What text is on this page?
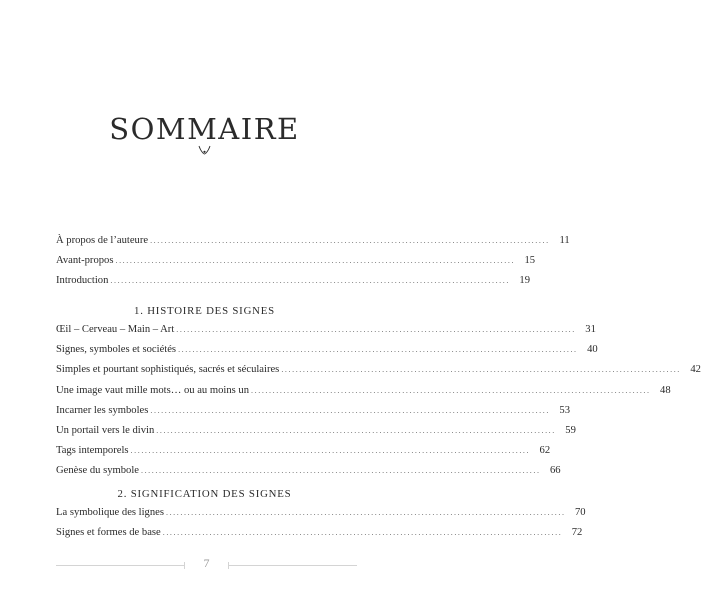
SOMMAIRE
À propos de l’auteure ............................................................................................................... 11
Avant-propos ............................................................................................................... 15
Introduction ............................................................................................................... 19
1. HISTOIRE DES SIGNES
Œil – Cerveau – Main – Art ............................................................................................................... 31
Signes, symboles et sociétés ............................................................................................................... 40
Simples et pourtant sophistiqués, sacrés et séculaires ............................................................................................................... 42
Une image vaut mille mots… ou au moins un ............................................................................................................... 48
Incarner les symboles ............................................................................................................... 53
Un portail vers le divin ............................................................................................................... 59
Tags intemporels ............................................................................................................... 62
Genèse du symbole ............................................................................................................... 66
2. SIGNIFICATION DES SIGNES
La symbolique des lignes ............................................................................................................... 70
Signes et formes de base ............................................................................................................... 72
7
